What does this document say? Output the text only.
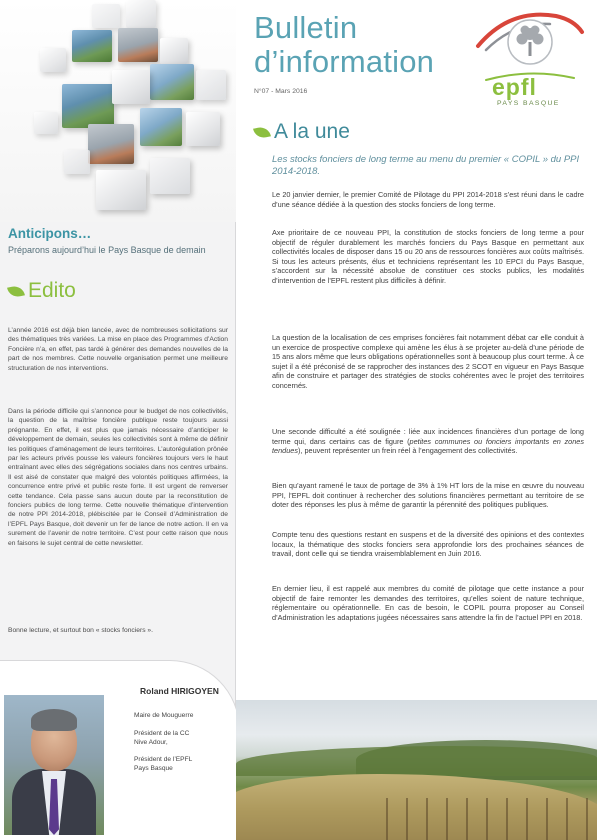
Anticipons…
Préparons aujourd’hui le Pays Basque de demain
Edito

L’année 2016 est déjà bien lancée, avec de nombreuses sollicitations sur des thématiques très variées. La mise en place des Programmes d’Action Foncière n’a, en effet, pas tardé à générer des demandes nouvelles de la part de nos membres. Cette nouvelle organisation permet une meilleure structuration de nos interventions.

Dans la période difficile qui s’annonce pour le budget de nos collectivités, la question de la maîtrise foncière publique reste toujours aussi prégnante. En effet, il est plus que jamais nécessaire d’anticiper le développement de demain, seules les collectivités sont à même de définir les politiques d’aménagement de leurs territoires. L’autorégulation prônée par les acteurs privés pousse les valeurs foncières toujours vers le haut entraînant avec elles des ségrégations sociales dans nos centres urbains. Il est aisé de constater que malgré des volontés politiques affirmées, la concurrence entre privé et public reste forte. Il est urgent de renverser cette tendance. Cela passe sans aucun doute par la reconstitution de fonciers publics de long terme. Cette nouvelle thématique d’intervention de notre PPI 2014-2018, plébiscitée par le Conseil d’Administration de l’EPFL Pays Basque, doit devenir un fer de lance de notre action. Il en va surement de l’avenir de notre territoire. C’est pour cette raison que nous en faisons le sujet central de cette newsletter.

Bonne lecture, et surtout bon « stocks fonciers ».

Roland HIRIGOYEN
Maire de Mouguerre
Président de la CC Nive Adour,
Président de l’EPFL Pays Basque
Bulletin
d’information
N°07 - Mars 2016	epfl
PAYS BASQUE
A la une
Les stocks fonciers de long terme au menu du premier « COPIL » du PPI 2014-2018.

Le 20 janvier dernier, le premier Comité de Pilotage du PPI 2014-2018 s’est réuni dans le cadre d’une séance dédiée à la question des stocks fonciers de long terme.

Axe prioritaire de ce nouveau PPI, la constitution de stocks fonciers de long terme a pour objectif de réguler durablement les marchés fonciers du Pays Basque en permettant aux collectivités locales de disposer dans 15 ou 20 ans de ressources foncières aux coûts maîtrisés. Si tous les acteurs présents, élus et techniciens représentant les 10 EPCI du Pays Basque, s’accordent sur la nécessité absolue de constituer ces stocks publics, les modalités d’intervention de l’EPFL restent plus difficiles à définir.

La question de la localisation de ces emprises foncières fait notamment débat car elle conduit à un exercice de prospective complexe qui amène les élus à se projeter au-delà d’une période de 15 ans alors même que leurs obligations opérationnelles sont à beaucoup plus court terme. À ce sujet il a été préconisé de se rapprocher des instances des 2 SCOT en vigueur en Pays Basque afin de construire et partager des stratégies de stocks cohérentes avec le projet des territoires concernés.

Une seconde difficulté a été soulignée : liée aux incidences financières d’un portage de long terme qui, dans certains cas de figure (petites communes ou fonciers importants en zones tendues), peuvent représenter un frein réel à l’engagement des collectivités.

Bien qu’ayant ramené le taux de portage de 3% à 1% HT lors de la mise en œuvre du nouveau PPI, l’EPFL doit continuer à rechercher des solutions financières permettant au territoire de se doter des réponses les plus à même de garantir la pérennité des politiques publiques.

Compte tenu des questions restant en suspens et de la diversité des opinions et des contextes locaux, la thématique des stocks fonciers sera approfondie lors des prochaines séances de travail, dont celle qui se tiendra vraisemblablement en Juin 2016.

En dernier lieu, il est rappelé aux membres du comité de pilotage que cette instance a pour objectif de faire remonter les demandes des territoires, qu’elles soient de nature technique, réglementaire ou opérationnelle. En cas de besoin, le COPIL pourra proposer au Conseil d’Administration les adaptations jugées nécessaires sans attendre la fin de l’actuel PPI en 2018.
